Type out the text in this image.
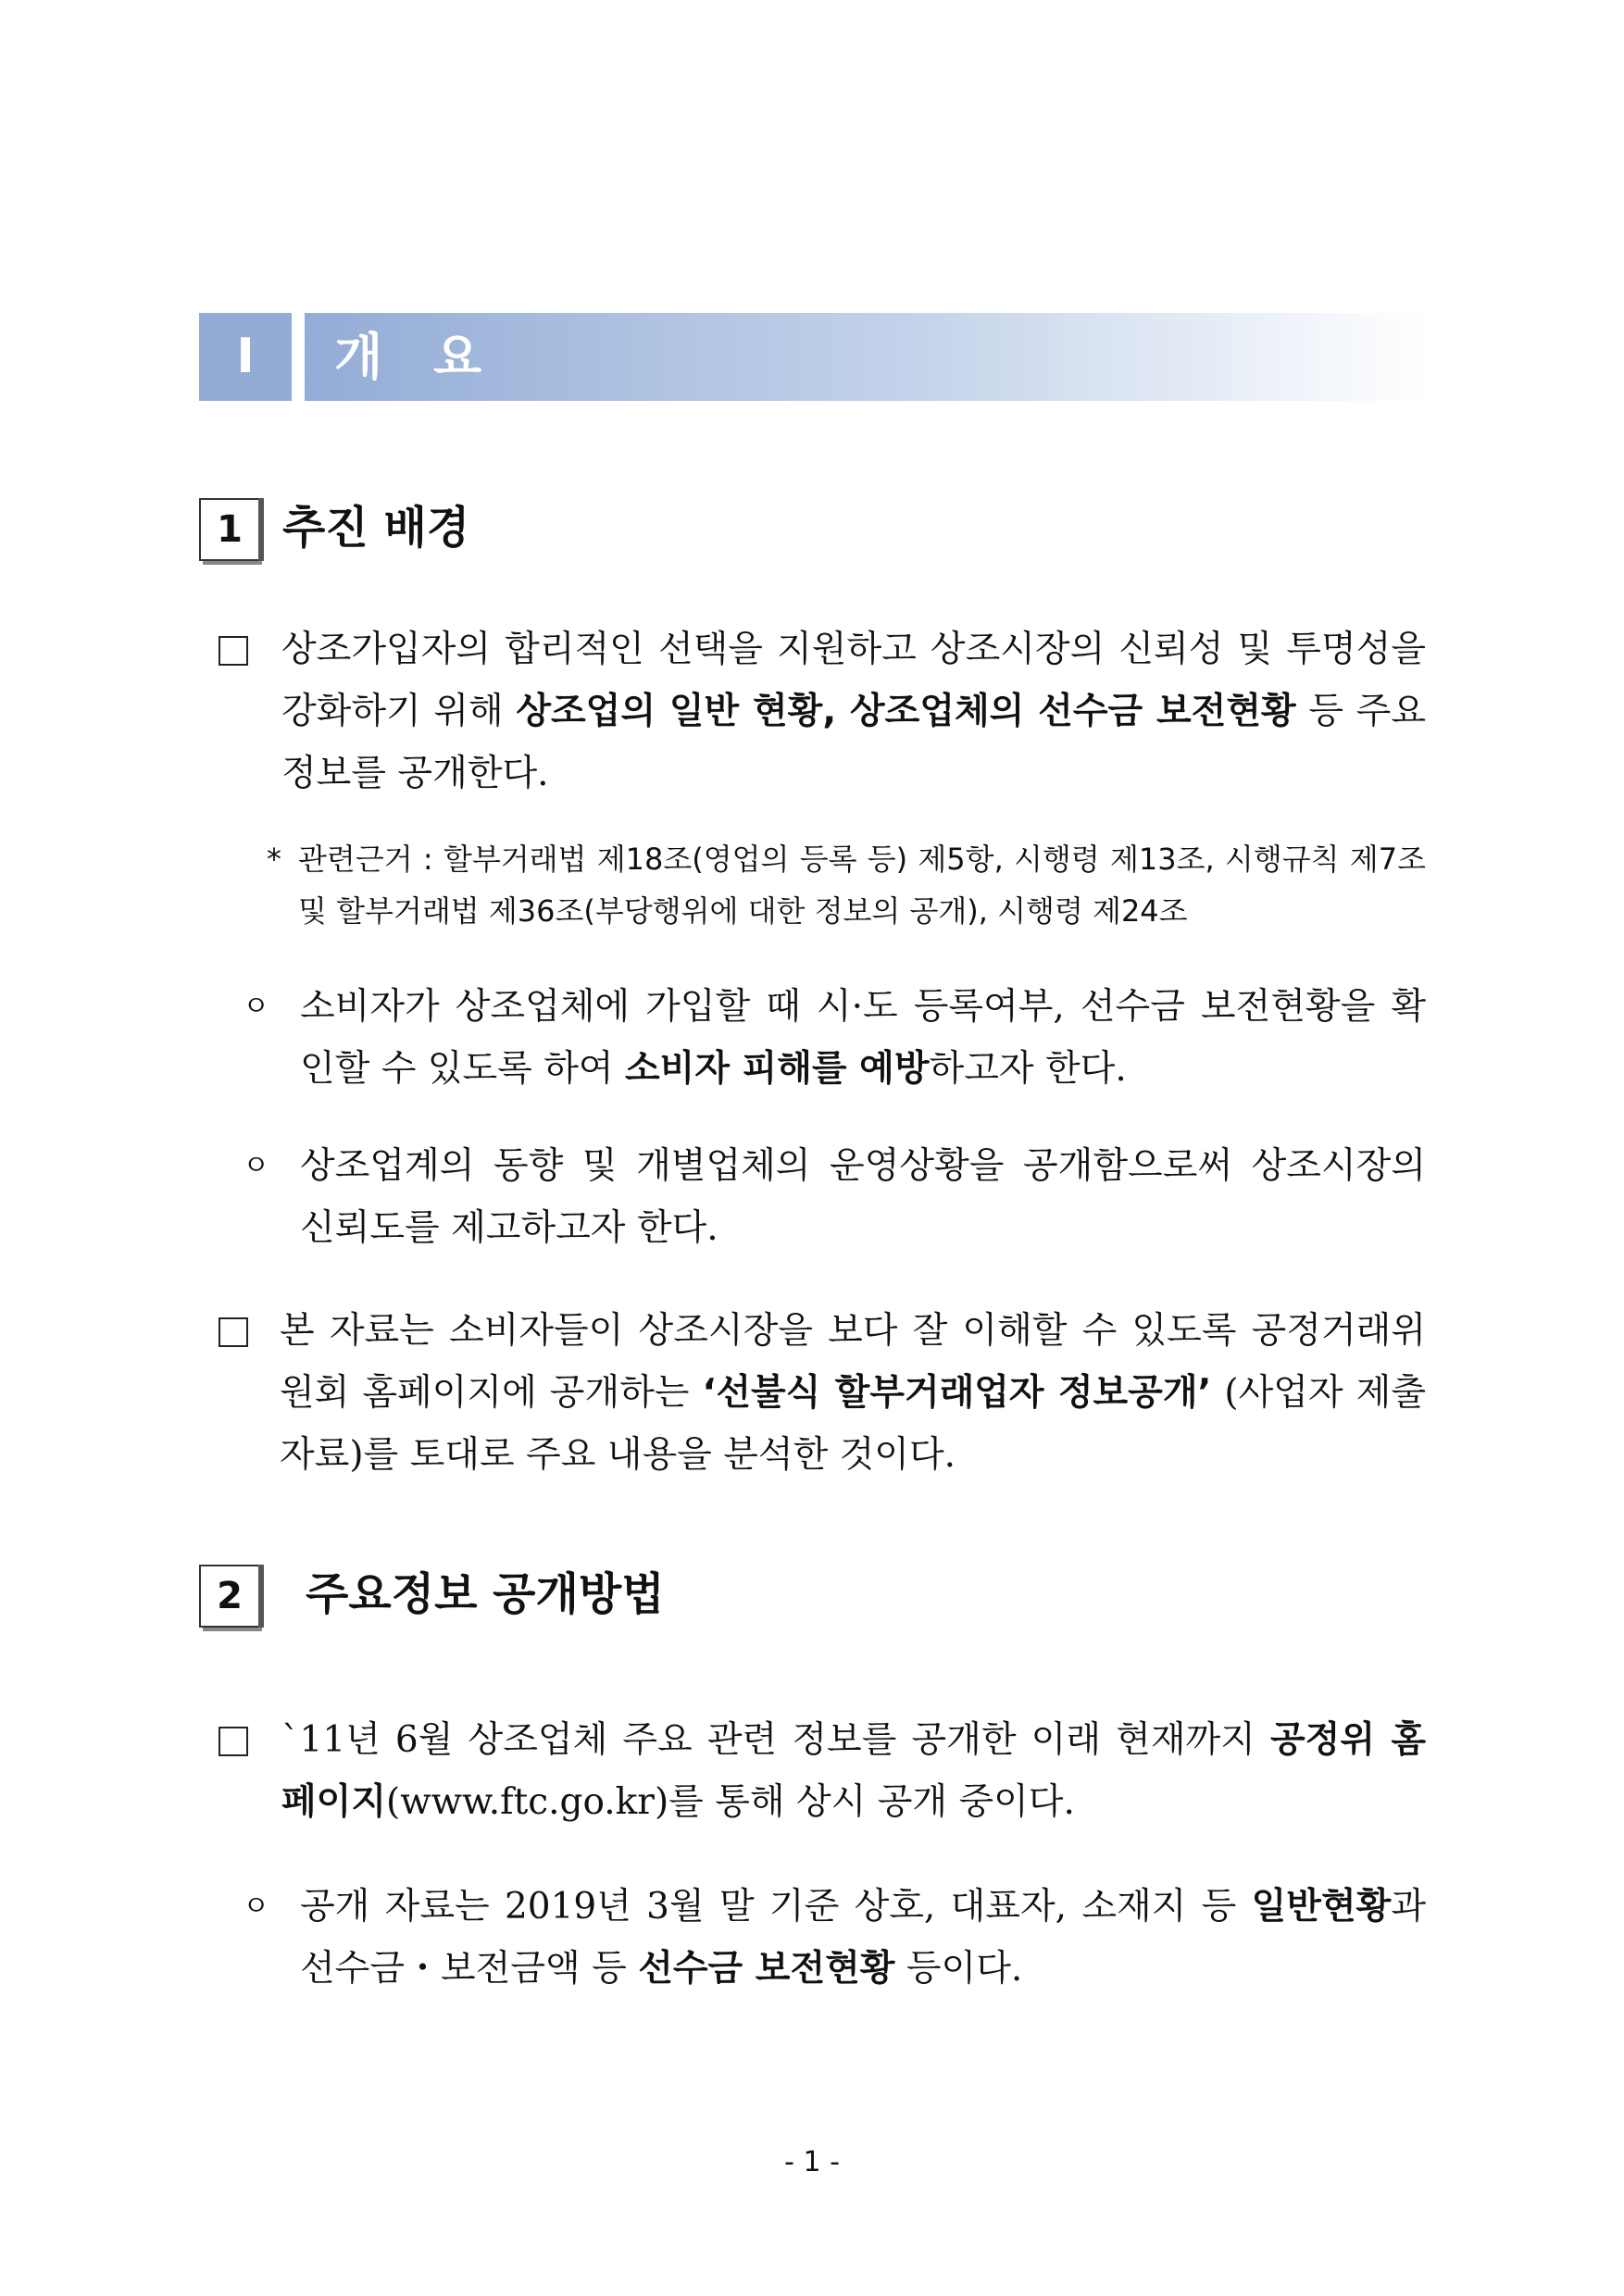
I	개 요
1 추진 배경
상조가입자의 합리적인 선택을 지원하고 상조시장의 신뢰성 및 투명성을 강화하기 위해 상조업의 일반 현황, 상조업체의 선수금 보전현황 등 주요정보를 공개한다.
* 관련근거 : 할부거래법 제18조(영업의 등록 등) 제5항, 시행령 제13조, 시행규칙 제7조 및 할부거래법 제36조(부당행위에 대한 정보의 공개), 시행령 제24조
ㅇ 소비자가 상조업체에 가입할 때 시·도 등록여부, 선수금 보전현황을 확인할 수 있도록 하여 소비자 피해를 예방하고자 한다.
ㅇ 상조업계의 동향 및 개별업체의 운영상황을 공개함으로써 상조시장의 신뢰도를 제고하고자 한다.
본 자료는 소비자들이 상조시장을 보다 잘 이해할 수 있도록 공정거래위원회 홈페이지에 공개하는 ‘선불식 할부거래업자 정보공개’ (사업자 제출자료)를 토대로 주요 내용을 분석한 것이다.
2	주요정보 공개방법
`11년 6월 상조업체 주요 관련 정보를 공개한 이래 현재까지 공정위 홈페이지(www.ftc.go.kr)를 통해 상시 공개 중이다.
ㅇ 공개 자료는 2019년 3월 말 기준 상호, 대표자, 소재지 등 일반현황과 선수금・보전금액 등 선수금 보전현황 등이다.
- 1 -
